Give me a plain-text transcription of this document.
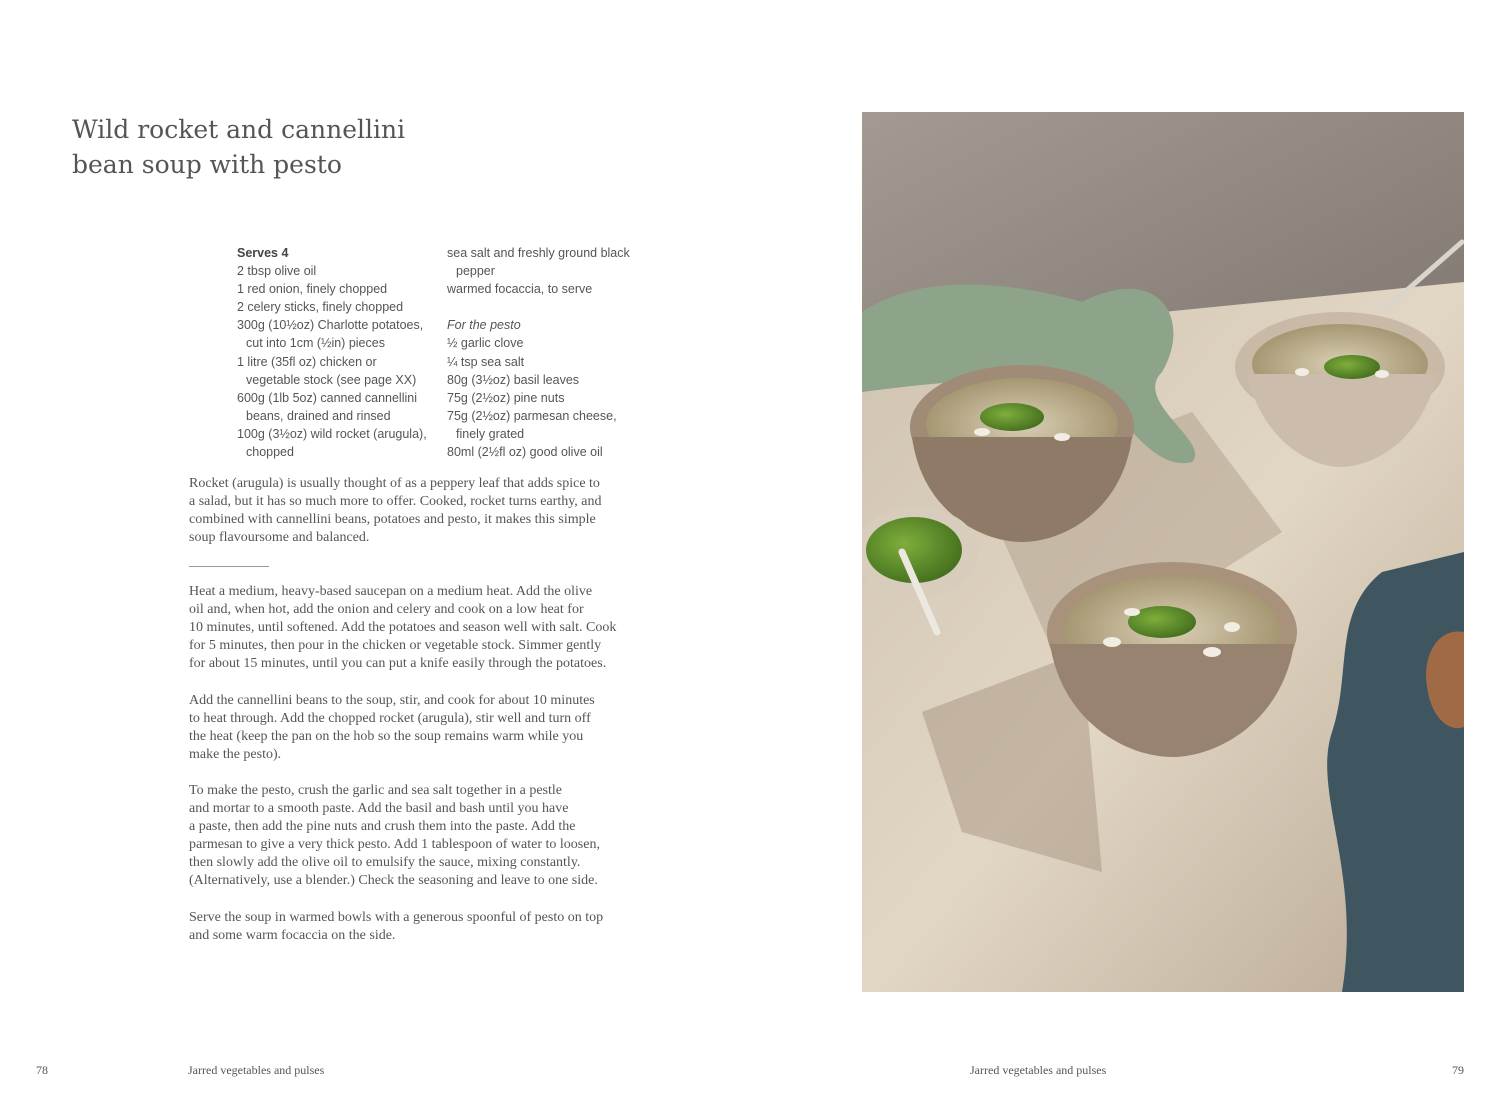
Wild rocket and cannellini
bean soup with pesto
Serves 4
2 tbsp olive oil
1 red onion, finely chopped
2 celery sticks, finely chopped
300g (10½oz) Charlotte potatoes,
cut into 1cm (½in) pieces
1 litre (35fl oz) chicken or
vegetable stock (see page XX)
600g (1lb 5oz) canned cannellini
beans, drained and rinsed
100g (3½oz) wild rocket (arugula),
chopped
sea salt and freshly ground black
pepper
warmed focaccia, to serve
For the pesto
½ garlic clove
¼ tsp sea salt
80g (3½oz) basil leaves
75g (2½oz) pine nuts
75g (2½oz) parmesan cheese,
finely grated
80ml (2½fl oz) good olive oil
Rocket (arugula) is usually thought of as a peppery leaf that adds spice to
a salad, but it has so much more to offer. Cooked, rocket turns earthy, and
combined with cannellini beans, potatoes and pesto, it makes this simple
soup flavoursome and balanced.
Heat a medium, heavy-based saucepan on a medium heat. Add the olive
oil and, when hot, add the onion and celery and cook on a low heat for
10 minutes, until softened. Add the potatoes and season well with salt. Cook
for 5 minutes, then pour in the chicken or vegetable stock. Simmer gently
for about 15 minutes, until you can put a knife easily through the potatoes.
Add the cannellini beans to the soup, stir, and cook for about 10 minutes
to heat through. Add the chopped rocket (arugula), stir well and turn off
the heat (keep the pan on the hob so the soup remains warm while you
make the pesto).
To make the pesto, crush the garlic and sea salt together in a pestle
and mortar to a smooth paste. Add the basil and bash until you have
a paste, then add the pine nuts and crush them into the paste. Add the
parmesan to give a very thick pesto. Add 1 tablespoon of water to loosen,
then slowly add the olive oil to emulsify the sauce, mixing constantly.
(Alternatively, use a blender.) Check the seasoning and leave to one side.
Serve the soup in warmed bowls with a generous spoonful of pesto on top
and some warm focaccia on the side.
78	Jarred vegetables and pulses	Jarred vegetables and pulses	79
